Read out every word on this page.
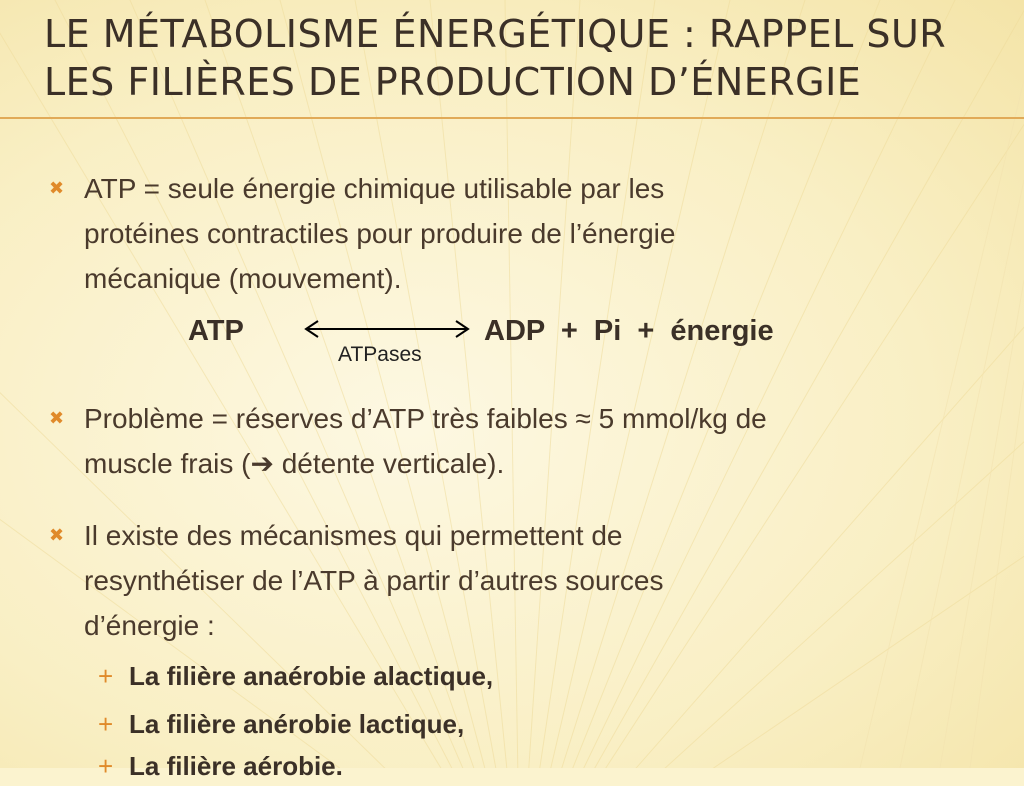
LE MÉTABOLISME ÉNERGÉTIQUE : RAPPEL SUR
LES FILIÈRES DE PRODUCTION D’ÉNERGIE
✖ ATP = seule énergie chimique utilisable par les
protéines contractiles pour produire de l’énergie
mécanique (mouvement).
ATP	ADP  +  Pi  +  énergie
ATPases
✖ Problème = réserves d’ATP très faibles ≈ 5 mmol/kg de
muscle frais (➔ détente verticale).
✖ Il existe des mécanismes qui permettent de
resynthétiser de l’ATP à partir d’autres sources
d’énergie :
+ La filière anaérobie alactique,
+ La filière anérobie lactique,
+ La filière aérobie.
